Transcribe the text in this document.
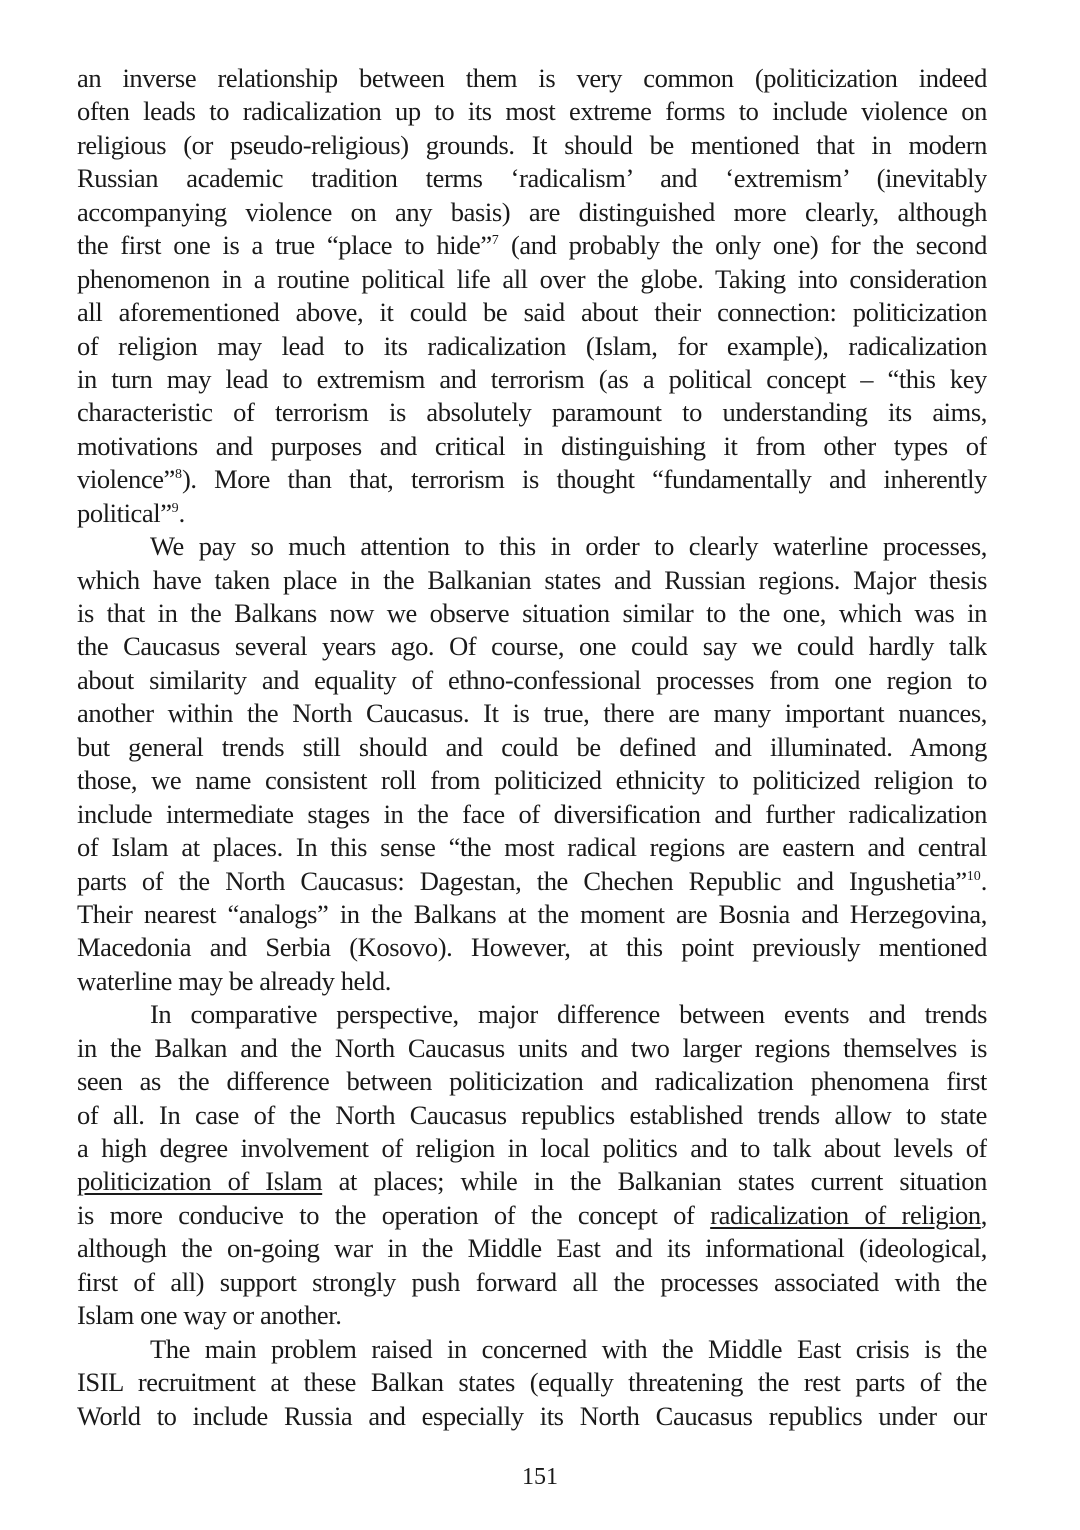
an inverse relationship between them is very common (politicization indeed
often leads to radicalization up to its most extreme forms to include violence on
religious (or pseudo-religious) grounds. It should be mentioned that in modern
Russian academic tradition terms ‘radicalism’ and ‘extremism’ (inevitably
accompanying violence on any basis) are distinguished more clearly, although
the first one is a true “place to hide”$^7$ (and probably the only one) for the second
phenomenon in a routine political life all over the globe. Taking into consideration
all aforementioned above, it could be said about their connection: politicization
of religion may lead to its radicalization (Islam, for example), radicalization
in turn may lead to extremism and terrorism (as a political concept – “this key
characteristic of terrorism is absolutely paramount to understanding its aims,
motivations and purposes and critical in distinguishing it from other types of
violence”$^8$). More than that, terrorism is thought “fundamentally and inherently
political”$^9$.
We pay so much attention to this in order to clearly waterline processes,
which have taken place in the Balkanian states and Russian regions. Major thesis
is that in the Balkans now we observe situation similar to the one, which was in
the Caucasus several years ago. Of course, one could say we could hardly talk
about similarity and equality of ethno-confessional processes from one region to
another within the North Caucasus. It is true, there are many important nuances,
but general trends still should and could be defined and illuminated. Among
those, we name consistent roll from politicized ethnicity to politicized religion to
include intermediate stages in the face of diversification and further radicalization
of Islam at places. In this sense “the most radical regions are eastern and central
parts of the North Caucasus: Dagestan, the Chechen Republic and Ingushetia”$^{10}$.
Their nearest “analogs” in the Balkans at the moment are Bosnia and Herzegovina,
Macedonia and Serbia (Kosovo). However, at this point previously mentioned
waterline may be already held.
In comparative perspective, major difference between events and trends
in the Balkan and the North Caucasus units and two larger regions themselves is
seen as the difference between politicization and radicalization phenomena first
of all. In case of the North Caucasus republics established trends allow to state
a high degree involvement of religion in local politics and to talk about levels of
politicization of Islam at places; while in the Balkanian states current situation
is more conducive to the operation of the concept of radicalization of religion,
although the on-going war in the Middle East and its informational (ideological,
first of all) support strongly push forward all the processes associated with the
Islam one way or another.
The main problem raised in concerned with the Middle East crisis is the
ISIL recruitment at these Balkan states (equally threatening the rest parts of the
World to include Russia and especially its North Caucasus republics under our
151
